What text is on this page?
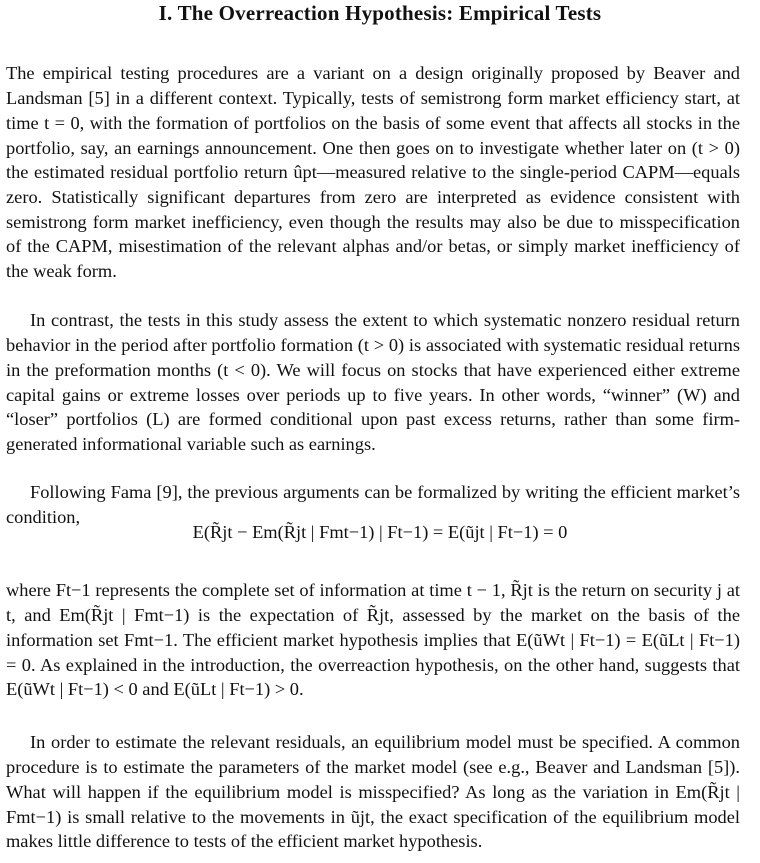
I. The Overreaction Hypothesis: Empirical Tests

The empirical testing procedures are a variant on a design originally proposed by Beaver and Landsman [5] in a different context. Typically, tests of semistrong form market efficiency start, at time t = 0, with the formation of portfolios on the basis of some event that affects all stocks in the portfolio, say, an earnings announcement. One then goes on to investigate whether later on (t > 0) the estimated residual portfolio return ûpt—measured relative to the single-period CAPM—equals zero. Statistically significant departures from zero are interpreted as evidence consistent with semistrong form market inefficiency, even though the results may also be due to misspecification of the CAPM, misestimation of the relevant alphas and/or betas, or simply market inefficiency of the weak form.

In contrast, the tests in this study assess the extent to which systematic nonzero residual return behavior in the period after portfolio formation (t > 0) is associated with systematic residual returns in the preformation months (t < 0). We will focus on stocks that have experienced either extreme capital gains or extreme losses over periods up to five years. In other words, “winner” (W) and “loser” portfolios (L) are formed conditional upon past excess returns, rather than some firm-generated informational variable such as earnings.

Following Fama [9], the previous arguments can be formalized by writing the efficient market’s condition,

E(R̃jt − Em(R̃jt | Fmt−1) | Ft−1) = E(ũjt | Ft−1) = 0

where Ft−1 represents the complete set of information at time t − 1, R̃jt is the return on security j at t, and Em(R̃jt | Fmt−1) is the expectation of R̃jt, assessed by the market on the basis of the information set Fmt−1. The efficient market hypothesis implies that E(ũWt | Ft−1) = E(ũLt | Ft−1) = 0. As explained in the introduction, the overreaction hypothesis, on the other hand, suggests that E(ũWt | Ft−1) < 0 and E(ũLt | Ft−1) > 0.

In order to estimate the relevant residuals, an equilibrium model must be specified. A common procedure is to estimate the parameters of the market model (see e.g., Beaver and Landsman [5]). What will happen if the equilibrium model is misspecified? As long as the variation in Em(R̃jt | Fmt−1) is small relative to the movements in ũjt, the exact specification of the equilibrium model makes little difference to tests of the efficient market hypothesis.
